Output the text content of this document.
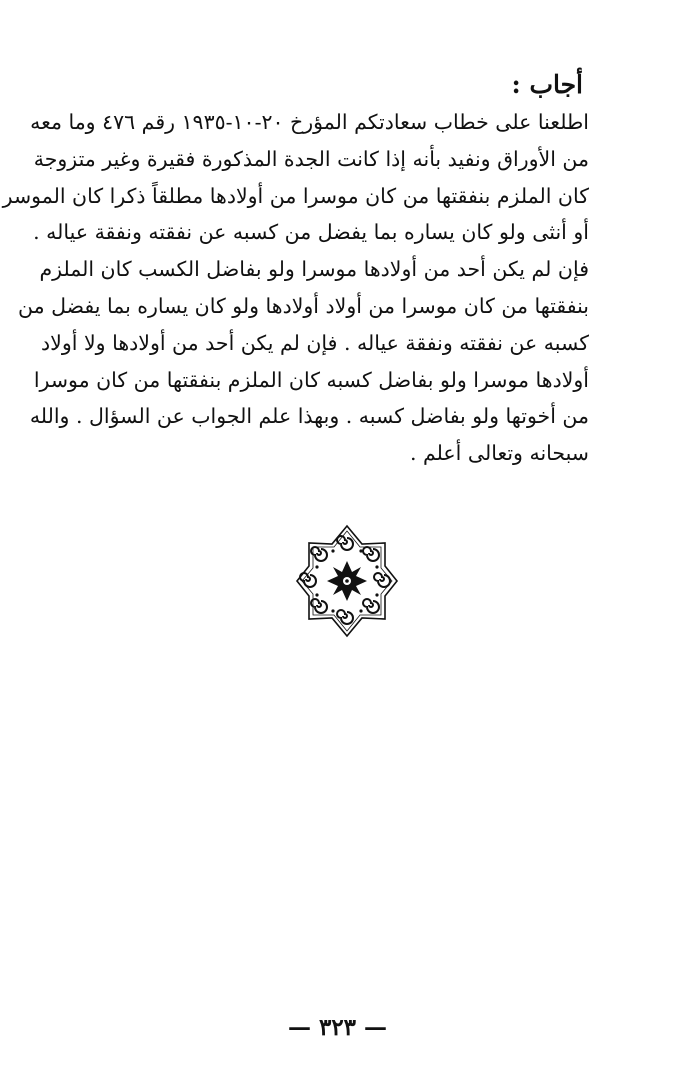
أجاب :
اطلعنا على خطاب سعادتكم المؤرخ ٢٠-١٠-١٩٣٥ رقم ٤٧٦ وما معه
من الأوراق ونفيد بأنه إذا كانت الجدة المذكورة فقيرة وغير متزوجة
كان الملزم بنفقتها من كان موسرا من أولادها مطلقاً ذكرا كان الموسر
أو أنثى ولو كان يساره بما يفضل من كسبه عن نفقته ونفقة عياله .
فإن لم يكن أحد من أولادها موسرا ولو بفاضل الكسب كان الملزم
بنفقتها من كان موسرا من أولاد أولادها ولو كان يساره بما يفضل من
كسبه عن نفقته ونفقة عياله . فإن لم يكن أحد من أولادها ولا أولاد
أولادها موسرا ولو بفاضل كسبه كان الملزم بنفقتها من كان موسرا
من أخوتها ولو بفاضل كسبه . وبهذا علم الجواب عن السؤال . والله
سبحانه وتعالى أعلم .
— ٣٢٣ —
